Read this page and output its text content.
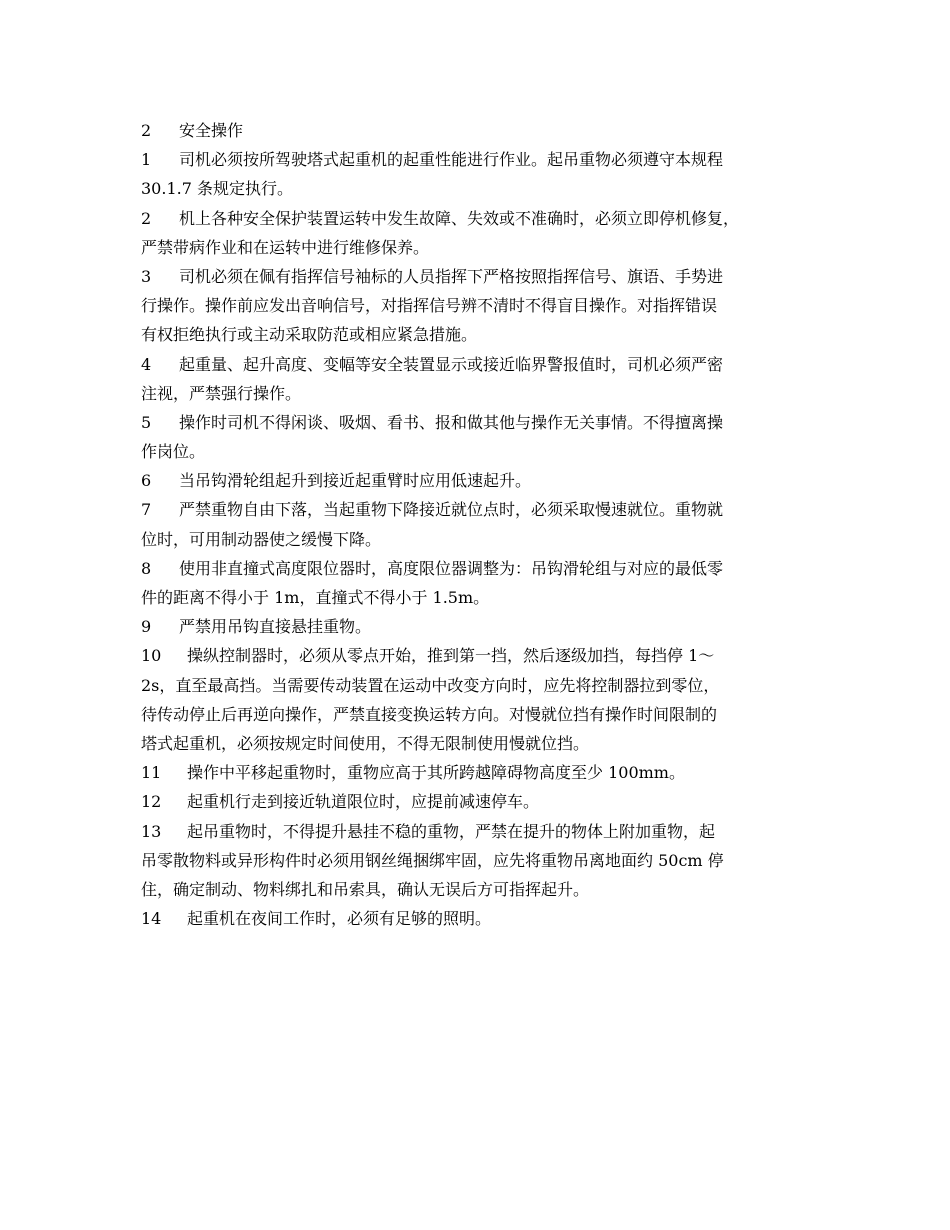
2 安全操作
1 司机必须按所驾驶塔式起重机的起重性能进行作业。起吊重物必须遵守本规程
30.1.7 条规定执行。
2 机上各种安全保护装置运转中发生故障、失效或不准确时，必须立即停机修复，
严禁带病作业和在运转中进行维修保养。
3 司机必须在佩有指挥信号袖标的人员指挥下严格按照指挥信号、旗语、手势进
行操作。操作前应发出音响信号，对指挥信号辨不清时不得盲目操作。对指挥错误
有权拒绝执行或主动采取防范或相应紧急措施。
4 起重量、起升高度、变幅等安全装置显示或接近临界警报值时，司机必须严密
注视，严禁强行操作。
5 操作时司机不得闲谈、吸烟、看书、报和做其他与操作无关事情。不得擅离操
作岗位。
6 当吊钩滑轮组起升到接近起重臂时应用低速起升。
7 严禁重物自由下落，当起重物下降接近就位点时，必须采取慢速就位。重物就
位时，可用制动器使之缓慢下降。
8 使用非直撞式高度限位器时，高度限位器调整为：吊钩滑轮组与对应的最低零
件的距离不得小于 1m，直撞式不得小于 1.5m。
9 严禁用吊钩直接悬挂重物。
10 操纵控制器时，必须从零点开始，推到第一挡，然后逐级加挡，每挡停 1～
2s，直至最高挡。当需要传动装置在运动中改变方向时，应先将控制器拉到零位，
待传动停止后再逆向操作，严禁直接变换运转方向。对慢就位挡有操作时间限制的
塔式起重机，必须按规定时间使用，不得无限制使用慢就位挡。
11 操作中平移起重物时，重物应高于其所跨越障碍物高度至少 100mm。
12 起重机行走到接近轨道限位时，应提前减速停车。
13 起吊重物时，不得提升悬挂不稳的重物，严禁在提升的物体上附加重物，起
吊零散物料或异形构件时必须用钢丝绳捆绑牢固，应先将重物吊离地面约 50cm 停
住，确定制动、物料绑扎和吊索具，确认无误后方可指挥起升。
14 起重机在夜间工作时，必须有足够的照明。
